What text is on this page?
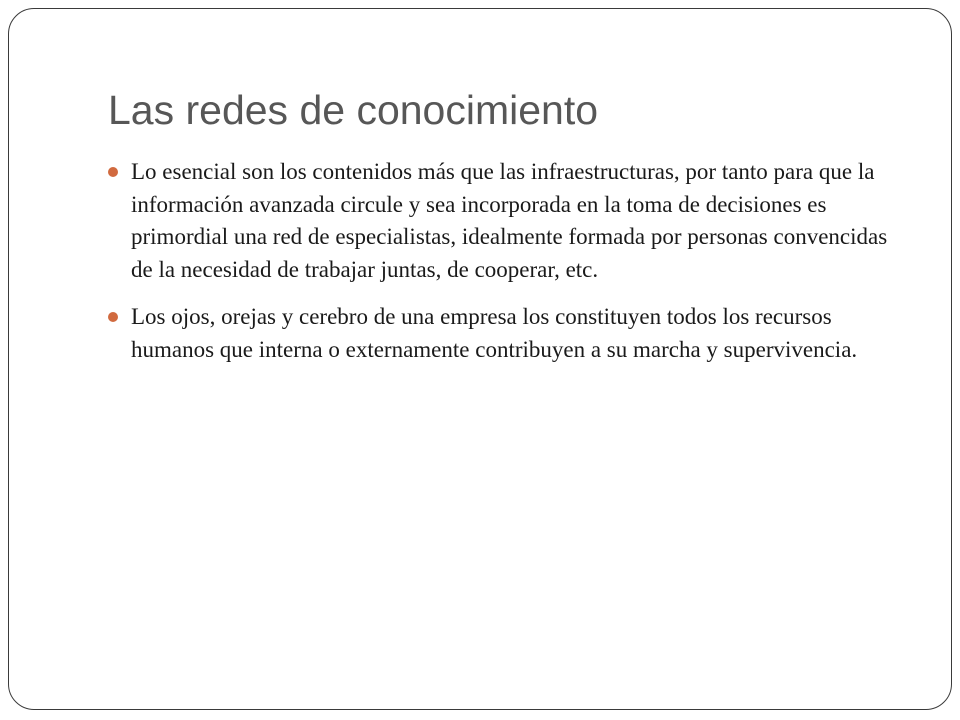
Las redes de conocimiento
Lo esencial son los contenidos más que las infraestructuras, por tanto para que la información avanzada circule y sea incorporada en la toma de decisiones es primordial una red de especialistas, idealmente formada por personas convencidas de la necesidad de trabajar juntas, de cooperar, etc.
Los ojos, orejas y cerebro de una empresa los constituyen todos los recursos humanos que interna o externamente contribuyen a su marcha y supervivencia.
